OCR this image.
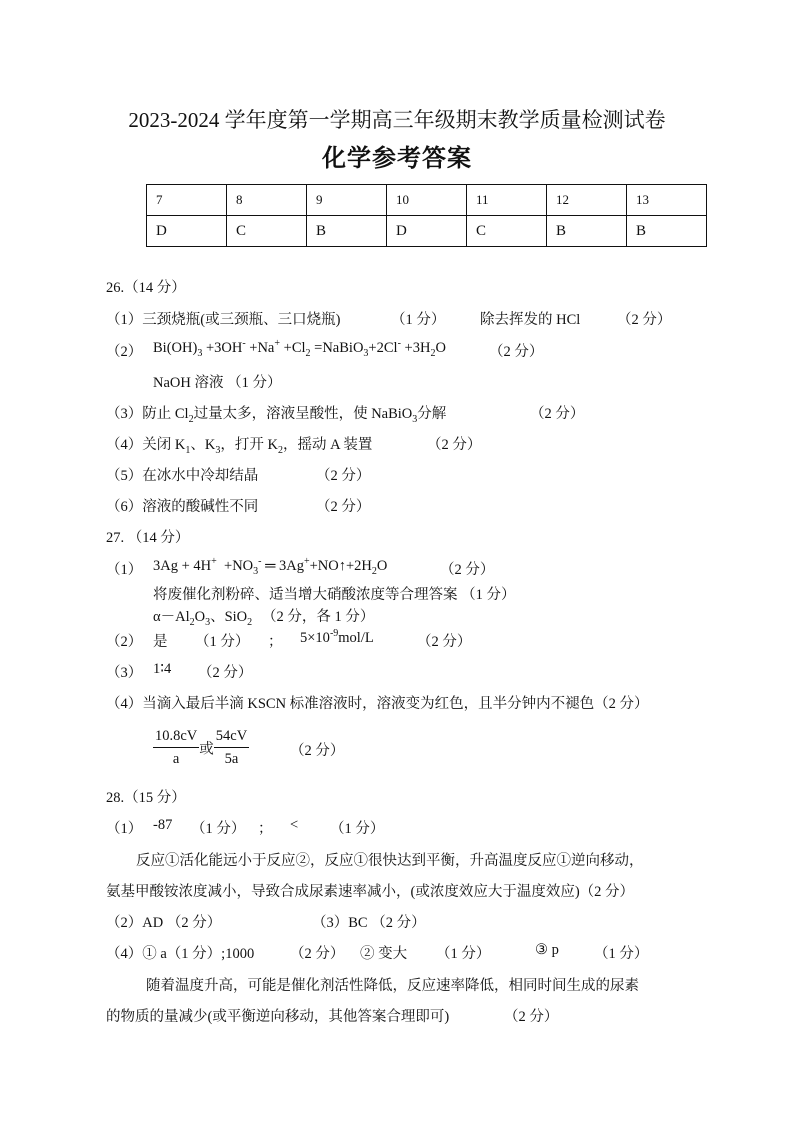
2023-2024 学年度第一学期高三年级期末教学质量检测试卷
化学参考答案
7	8	9	10	11	12	13
D	C	B	D	C	B	B
26.（14 分）
（1）三颈烧瓶(或三颈瓶、三口烧瓶)	（1 分） 除去挥发的 HCl	（2 分）
（2） $Bi(OH)_3 +3OH^- +Na^+ +Cl_2$ =NaBiO$_3$+2Cl- $+3H_2O$	（2 分）
NaOH 溶液 （1 分）
（3）防止 $Cl_2$过量太多，溶液呈酸性，使 NaBiO$_3$分解	（2 分）
（4）关闭 $K_1$、$K_3$，打开 $K_2$，摇动 A 装置	（2 分）
（5）在冰水中冷却结晶	（2 分）
（6）溶液的酸碱性不同	（2 分）
27. （14 分）
（1） $3Ag + 4H^+ +NO_3^-$ ═ $3Ag^++NO↑+2H_2O$	（2 分）
将废催化剂粉碎、适当增大硝酸浓度等合理答案 （1 分）
$\alpha-Al_2O_3$、SiO$_2$ （2 分，各 1 分）
（2） 是 （1 分） ； $5\times 10^{-9}mol/L$	（2 分）
（3） 1∶4 （2 分）
（4）当滴入最后半滴 KSCN 标准溶液时，溶液变为红色，且半分钟内不褪色（2 分）
$\frac{10.8cV}{a}$ 或 $\frac{54cV}{5a}$	（2 分）
28.（15 分）
（1） -87 （1 分） ； < （1 分）
反应①活化能远小于反应②，反应①很快达到平衡，升高温度反应①逆向移动，
氨基甲酸铵浓度减小，导致合成尿素速率减小，(或浓度效应大于温度效应)（2 分）
（2）AD （2 分）	（3）BC （2 分）
（4）① a（1 分）;1000 （2 分） ② 变大 （1 分）	③ p （1 分）
随着温度升高，可能是催化剂活性降低，反应速率降低，相同时间生成的尿素
的物质的量减少(或平衡逆向移动，其他答案合理即可)	（2 分）
